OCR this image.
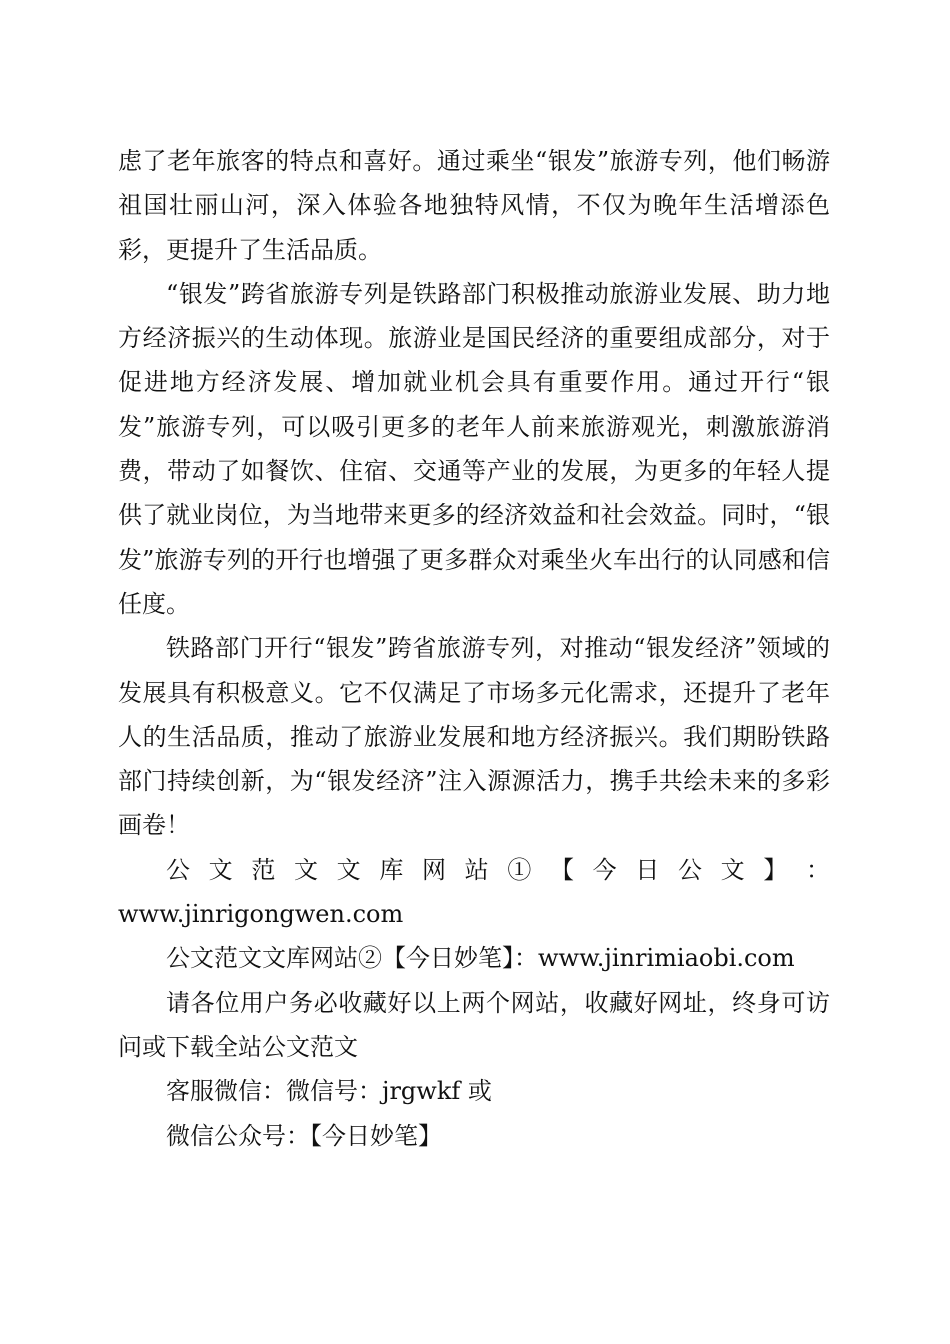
虑了老年旅客的特点和喜好。通过乘坐“银发”旅游专列，他们畅游祖国壮丽山河，深入体验各地独特风情，不仅为晚年生活增添色彩，更提升了生活品质。

“银发”跨省旅游专列是铁路部门积极推动旅游业发展、助力地方经济振兴的生动体现。旅游业是国民经济的重要组成部分，对于促进地方经济发展、增加就业机会具有重要作用。通过开行“银发”旅游专列，可以吸引更多的老年人前来旅游观光，刺激旅游消费，带动了如餐饮、住宿、交通等产业的发展，为更多的年轻人提供了就业岗位，为当地带来更多的经济效益和社会效益。同时，“银发”旅游专列的开行也增强了更多群众对乘坐火车出行的认同感和信任度。

铁路部门开行“银发”跨省旅游专列，对推动“银发经济”领域的发展具有积极意义。它不仅满足了市场多元化需求，还提升了老年人的生活品质，推动了旅游业发展和地方经济振兴。我们期盼铁路部门持续创新，为“银发经济”注入源源活力，携手共绘未来的多彩画卷！

公 文 范 文 文 库 网 站 ① 【 今 日 公 文 】 ：
www.jinrigongwen.com
公文范文文库网站②【今日妙笔】：www.jinrimiaobi.com

请各位用户务必收藏好以上两个网站，收藏好网址，终身可访问或下载全站公文范文

客服微信：微信号：jrgwkf 或
微信公众号：【今日妙笔】
